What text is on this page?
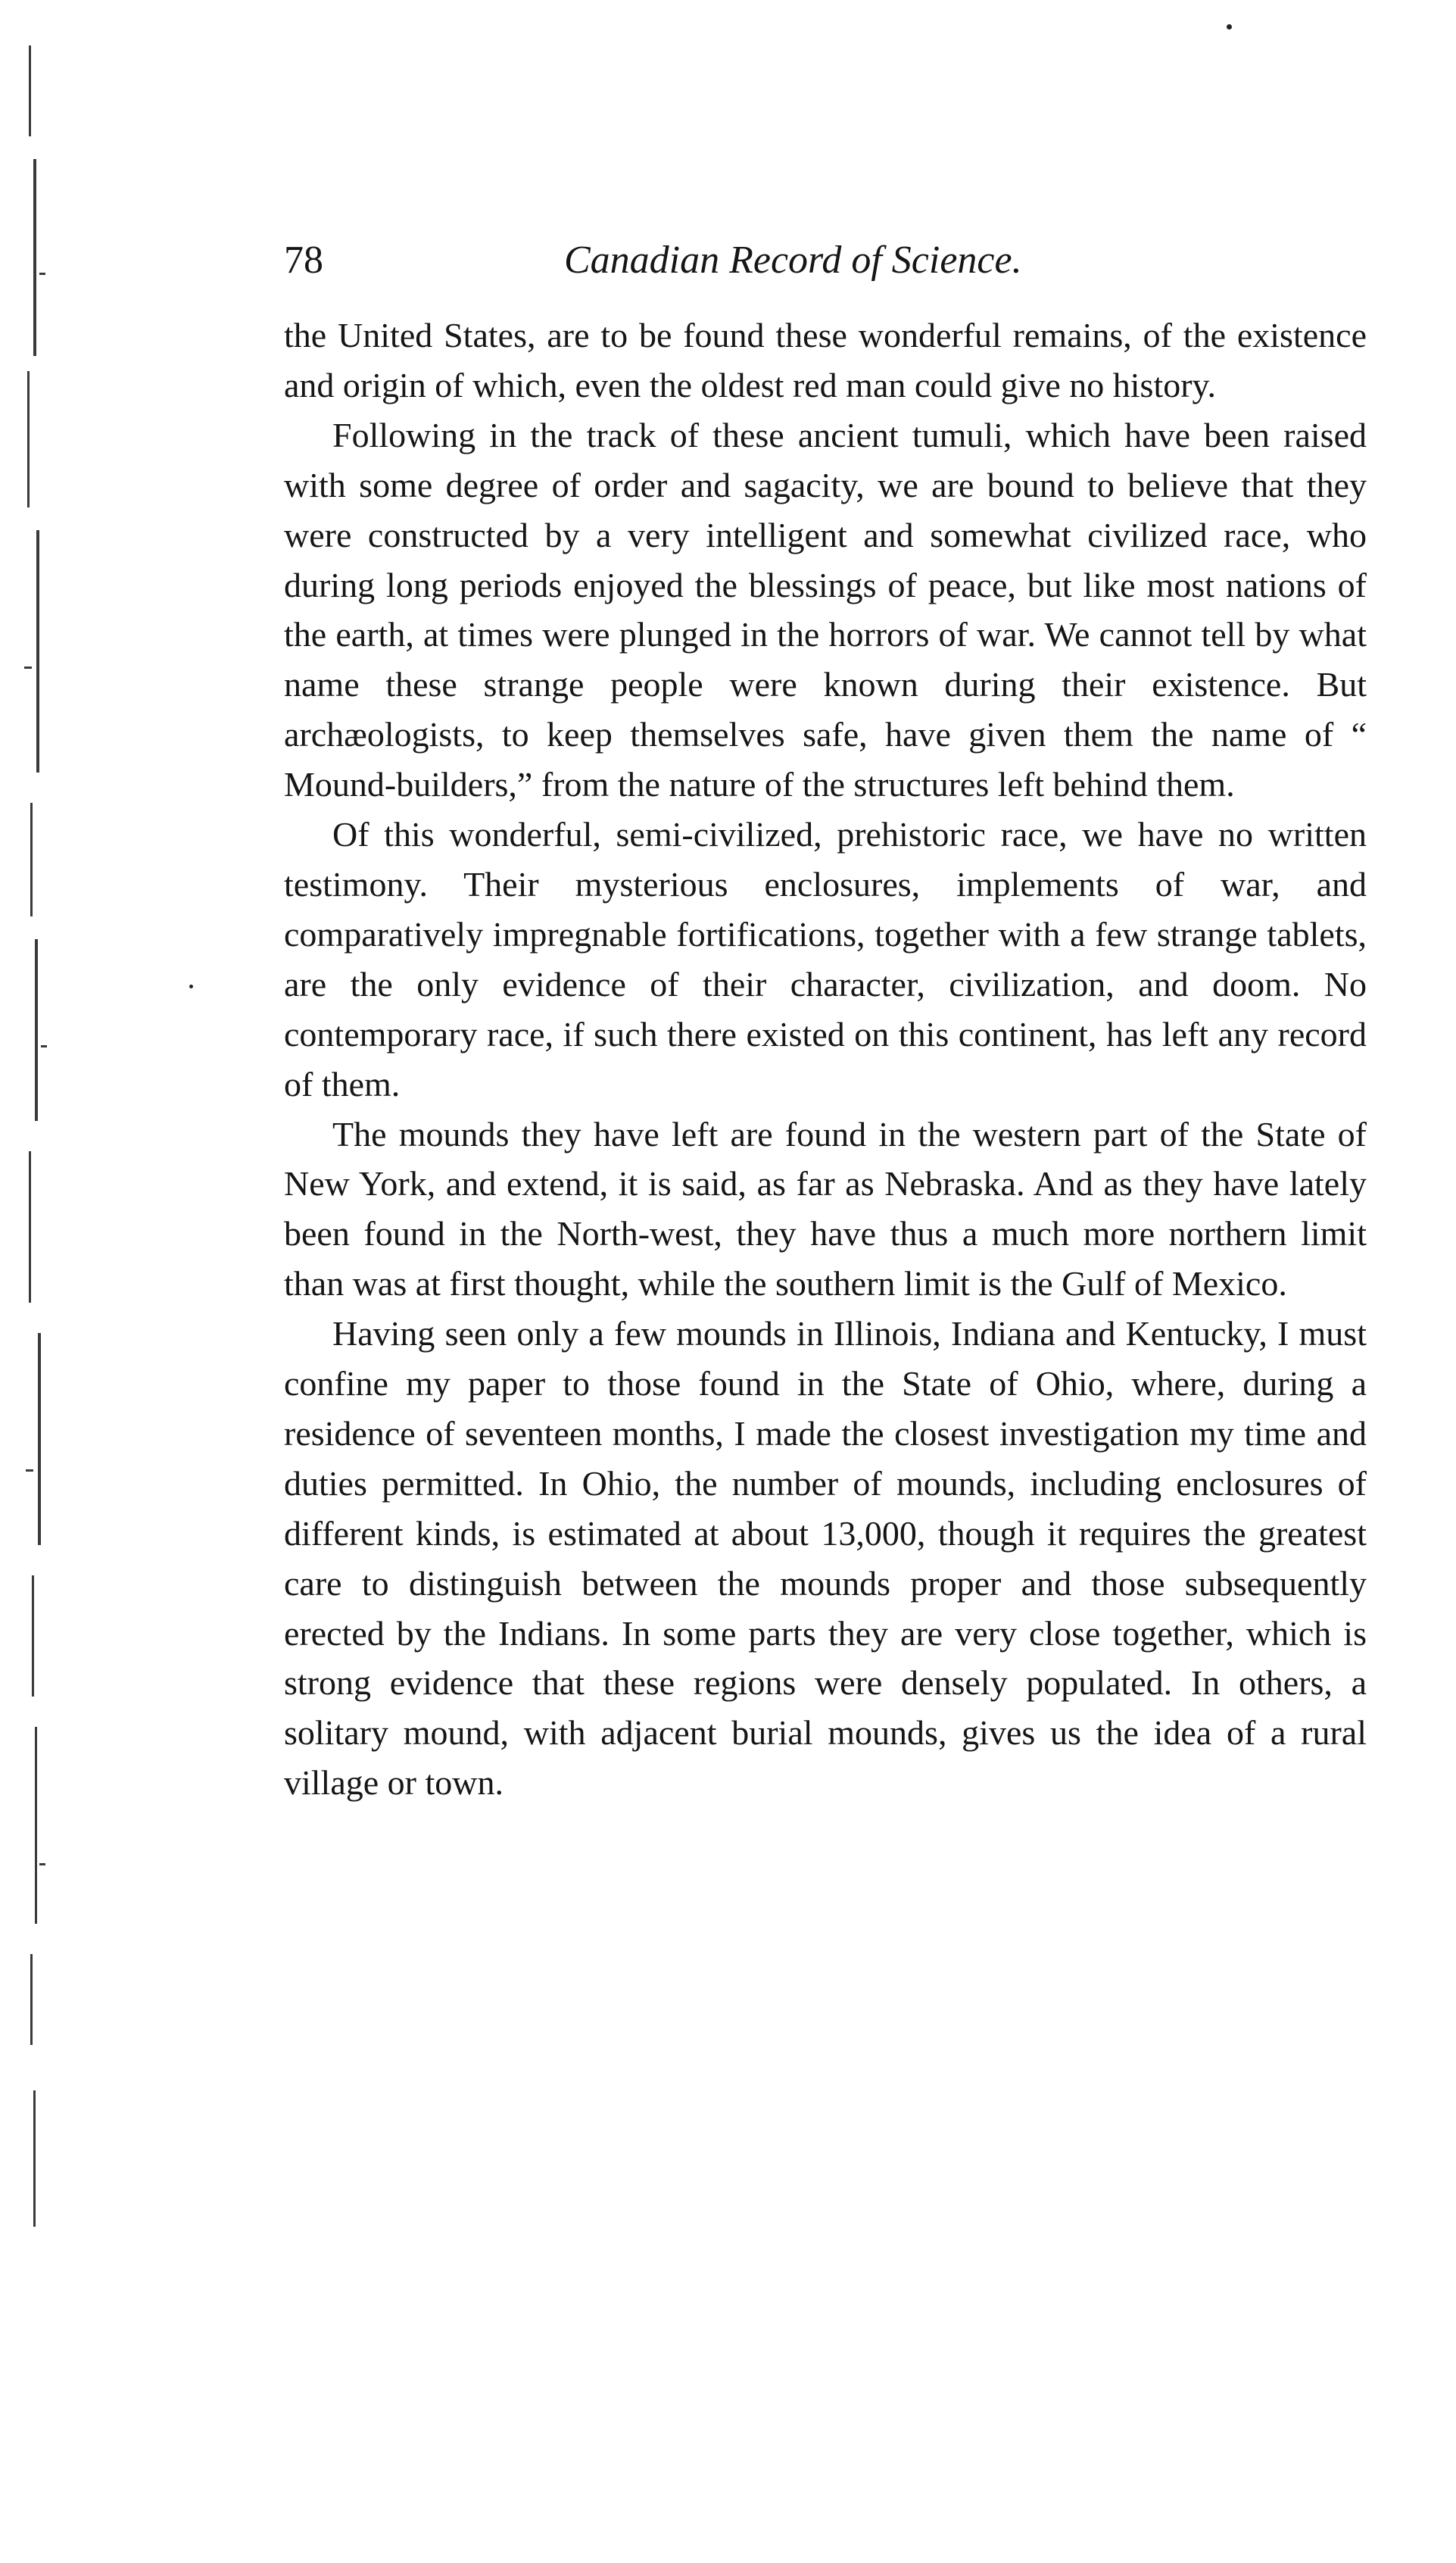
78	Canadian Record of Science.

the United States, are to be found these wonderful remains, of the existence and origin of which, even the oldest red man could give no history.

Following in the track of these ancient tumuli, which have been raised with some degree of order and sagacity, we are bound to believe that they were constructed by a very intelligent and somewhat civilized race, who during long periods enjoyed the blessings of peace, but like most nations of the earth, at times were plunged in the horrors of war. We cannot tell by what name these strange people were known during their existence. But archæologists, to keep themselves safe, have given them the name of “ Mound-builders,” from the nature of the structures left behind them.

Of this wonderful, semi-civilized, prehistoric race, we have no written testimony. Their mysterious enclosures, implements of war, and comparatively impregnable fortifications, together with a few strange tablets, are the only evidence of their character, civilization, and doom. No contemporary race, if such there existed on this continent, has left any record of them.

The mounds they have left are found in the western part of the State of New York, and extend, it is said, as far as Nebraska. And as they have lately been found in the North-west, they have thus a much more northern limit than was at first thought, while the southern limit is the Gulf of Mexico.

Having seen only a few mounds in Illinois, Indiana and Kentucky, I must confine my paper to those found in the State of Ohio, where, during a residence of seventeen months, I made the closest investigation my time and duties permitted. In Ohio, the number of mounds, including enclosures of different kinds, is estimated at about 13,000, though it requires the greatest care to distinguish between the mounds proper and those subsequently erected by the Indians. In some parts they are very close together, which is strong evidence that these regions were densely populated. In others, a solitary mound, with adjacent burial mounds, gives us the idea of a rural village or town.
